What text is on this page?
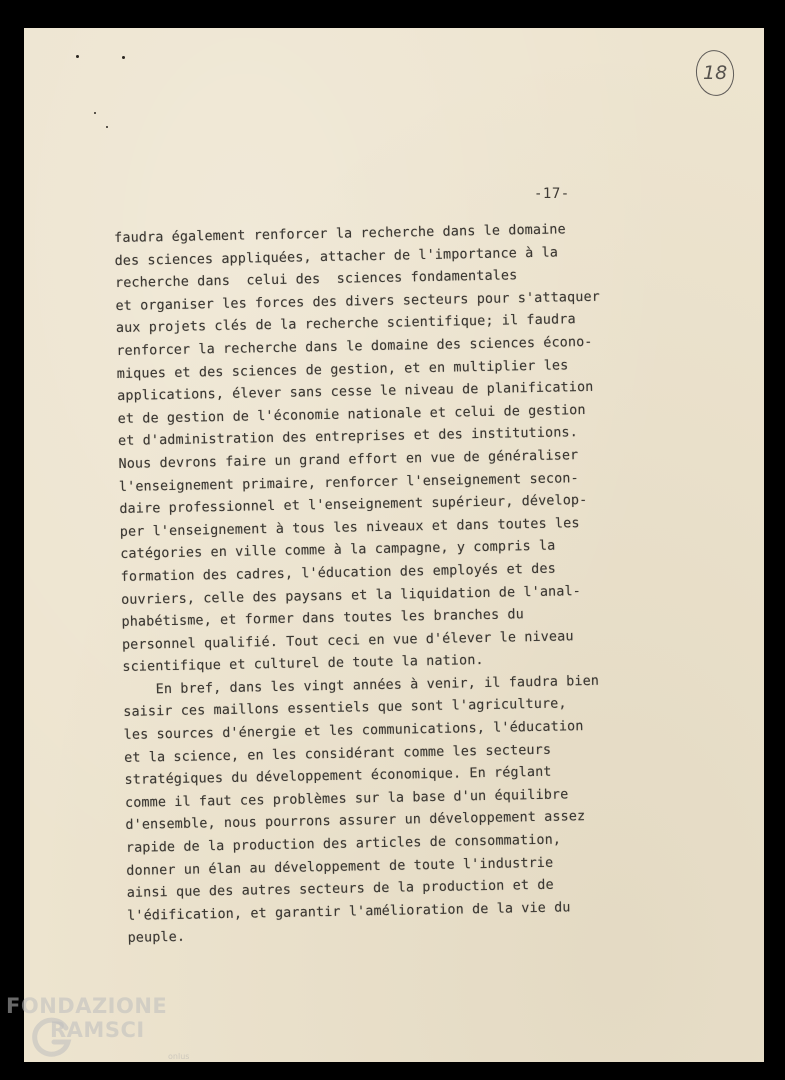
18
-17-
faudra également renforcer la recherche dans le domaine
des sciences appliquées, attacher de l'importance à la
recherche dans  celui des  sciences fondamentales
et organiser les forces des divers secteurs pour s'attaquer
aux projets clés de la recherche scientifique; il faudra
renforcer la recherche dans le domaine des sciences écono-
miques et des sciences de gestion, et en multiplier les
applications, élever sans cesse le niveau de planification
et de gestion de l'économie nationale et celui de gestion
et d'administration des entreprises et des institutions.
Nous devrons faire un grand effort en vue de généraliser
l'enseignement primaire, renforcer l'enseignement secon-
daire professionnel et l'enseignement supérieur, dévelop-
per l'enseignement à tous les niveaux et dans toutes les
catégories en ville comme à la campagne, y compris la
formation des cadres, l'éducation des employés et des
ouvriers, celle des paysans et la liquidation de l'anal-
phabétisme, et former dans toutes les branches du
personnel qualifié. Tout ceci en vue d'élever le niveau
scientifique et culturel de toute la nation.
En bref, dans les vingt années à venir, il faudra bien
saisir ces maillons essentiels que sont l'agriculture,
les sources d'énergie et les communications, l'éducation
et la science, en les considérant comme les secteurs
stratégiques du développement économique. En réglant
comme il faut ces problèmes sur la base d'un équilibre
d'ensemble, nous pourrons assurer un développement assez
rapide de la production des articles de consommation,
donner un élan au développement de toute l'industrie
ainsi que des autres secteurs de la production et de
l'édification, et garantir l'amélioration de la vie du
peuple.
FONDAZIONE
RAMSCI
onlus
